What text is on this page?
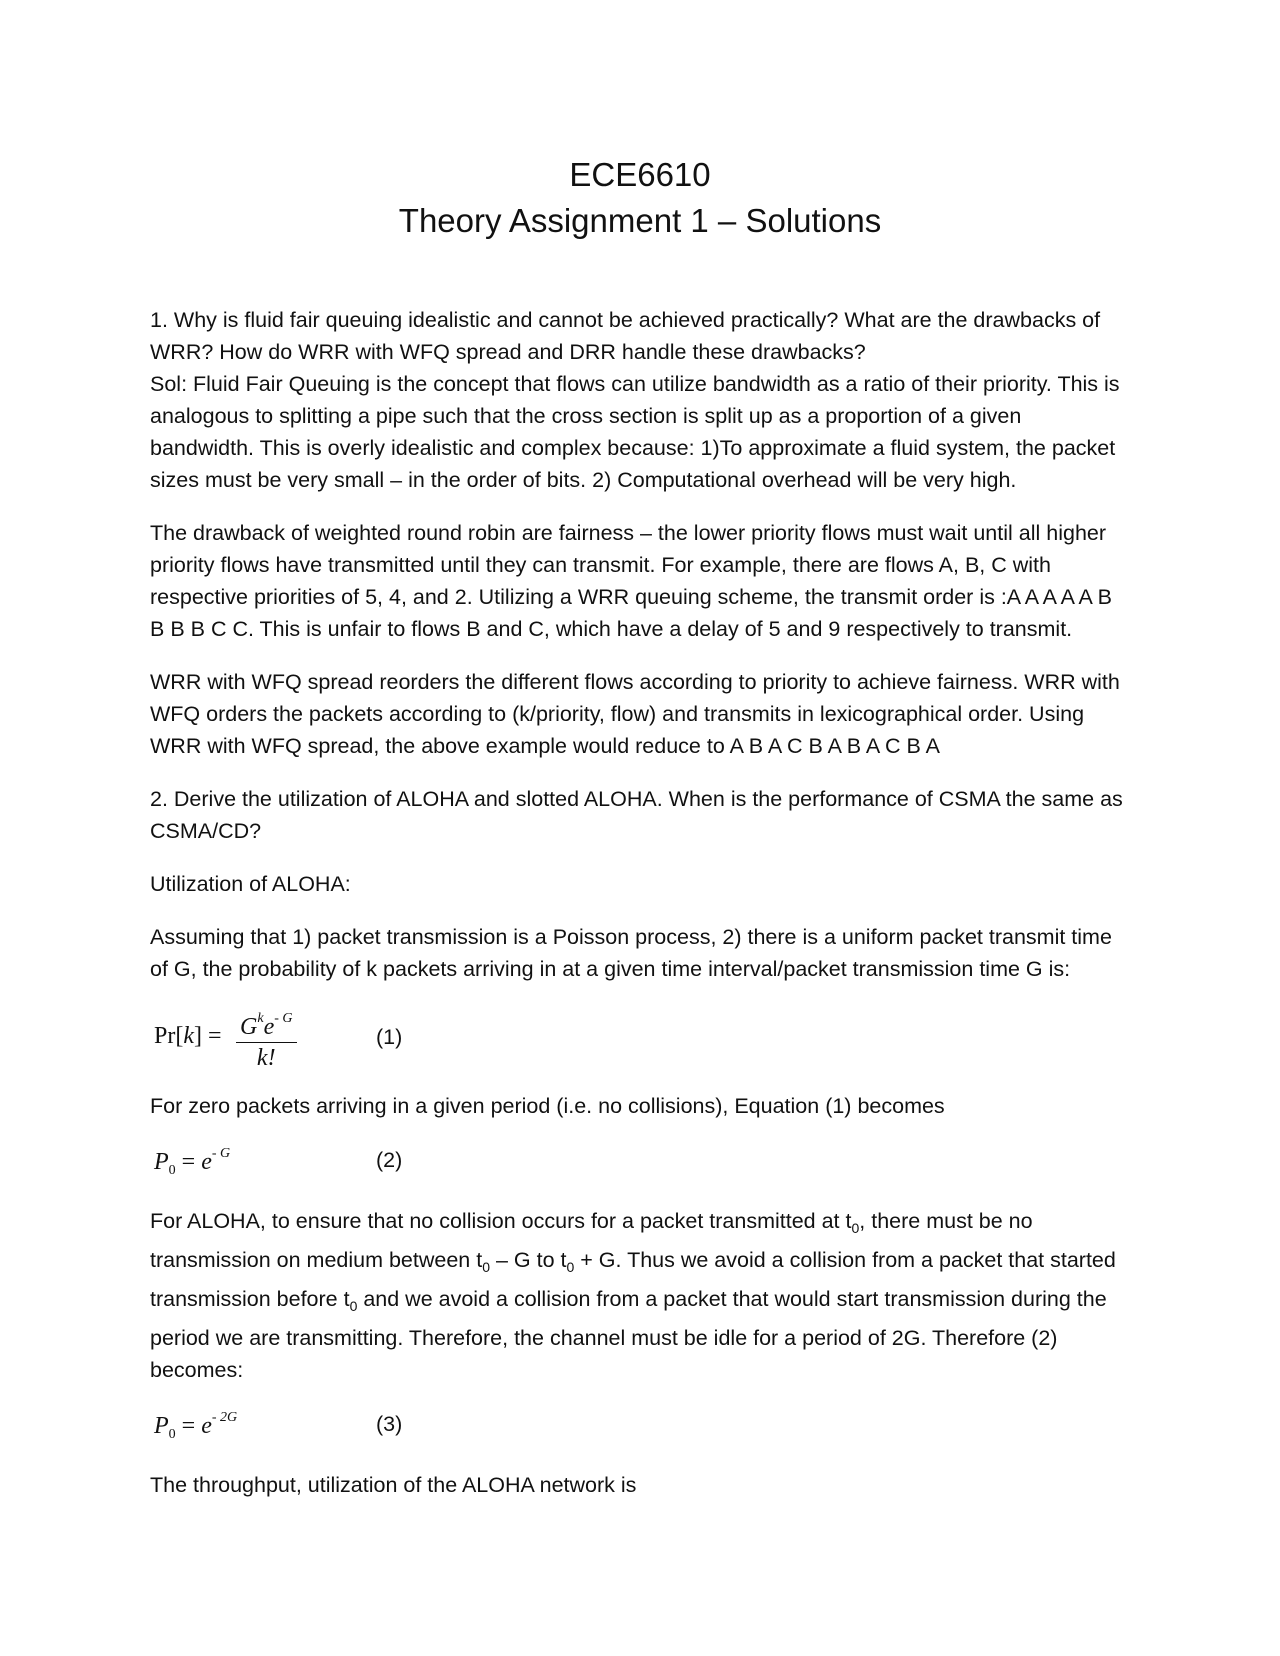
ECE6610
Theory Assignment 1 – Solutions

1. Why is fluid fair queuing idealistic and cannot be achieved practically? What are the drawbacks of WRR? How do WRR with WFQ spread and DRR handle these drawbacks?

Sol: Fluid Fair Queuing is the concept that flows can utilize bandwidth as a ratio of their priority. This is analogous to splitting a pipe such that the cross section is split up as a proportion of a given bandwidth. This is overly idealistic and complex because: 1)To approximate a fluid system, the packet sizes must be very small – in the order of bits. 2) Computational overhead will be very high.

The drawback of weighted round robin are fairness – the lower priority flows must wait until all higher priority flows have transmitted until they can transmit. For example, there are flows A, B, C with respective priorities of 5, 4, and 2. Utilizing a WRR queuing scheme, the transmit order is :A A A A A B B B B C C. This is unfair to flows B and C, which have a delay of 5 and 9 respectively to transmit.

WRR with WFQ spread reorders the different flows according to priority to achieve fairness. WRR with WFQ orders the packets according to (k/priority, flow) and transmits in lexicographical order. Using WRR with WFQ spread, the above example would reduce to A B A C B A B A C B A

2. Derive the utilization of ALOHA and slotted ALOHA. When is the performance of CSMA the same as CSMA/CD?

Utilization of ALOHA:

Assuming that 1) packet transmission is a Poisson process, 2) there is a uniform packet transmit time of G, the probability of k packets arriving in at a given time interval/packet transmission time G is:

$Pr[k] = G^ke^{- G}$
k!
(1)

For zero packets arriving in a given period (i.e. no collisions), Equation (1) becomes

$P_0 = e^{- G}$	(2)

For ALOHA, to ensure that no collision occurs for a packet transmitted at $t_0$, there must be no transmission on medium between $t_0$ – G to $t_0 + G$. Thus we avoid a collision from a packet that started transmission before $t_0$ and we avoid a collision from a packet that would start transmission during the period we are transmitting. Therefore, the channel must be idle for a period of 2G. Therefore (2) becomes:

$P_0 = e^{- 2G}$	(3)

The throughput, utilization of the ALOHA network is
